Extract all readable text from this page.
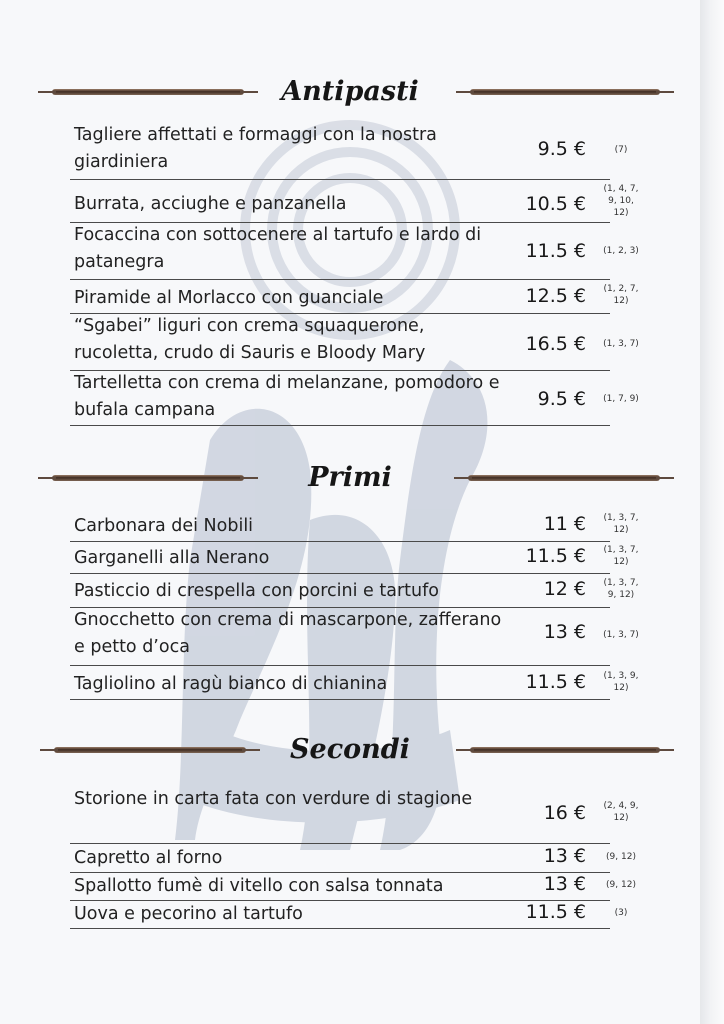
Antipasti
Tagliere affettati e formaggi con la nostra giardiniera
9.5 €	(7)
Burrata, acciughe e panzanella	10.5 €
(1, 4, 7, 9, 10, 12)
Focaccina con sottocenere al tartufo e lardo di patanegra	11.5 € (1, 2, 3)
Piramide al Morlacco con guanciale	12.5 € (1, 2, 7, 12)
“Sgabei” liguri con crema squaquerone, rucoletta, crudo di Sauris e Bloody Mary	16.5 € (1, 3, 7)
Tartelletta con crema di melanzane, pomodoro e bufala campana	9.5 € (1, 7, 9)
Primi
Carbonara dei Nobili	11 € (1, 3, 7, 12)
Garganelli alla Nerano	11.5 € (1, 3, 7, 12)
Pasticcio di crespella con porcini e tartufo	12 € (1, 3, 7, 9, 12)
Gnocchetto con crema di mascarpone, zafferano e petto d’oca
13 € (1, 3, 7)
Tagliolino al ragù bianco di chianina	11.5 € (1, 3, 9, 12)
Secondi
Storione in carta fata con verdure di stagione
16 € (2, 4, 9, 12)
Capretto al forno	13 €	(9, 12)
Spallotto fumè di vitello con salsa tonnata	13 €	(9, 12)
Uova e pecorino al tartufo	11.5 €	(3)
